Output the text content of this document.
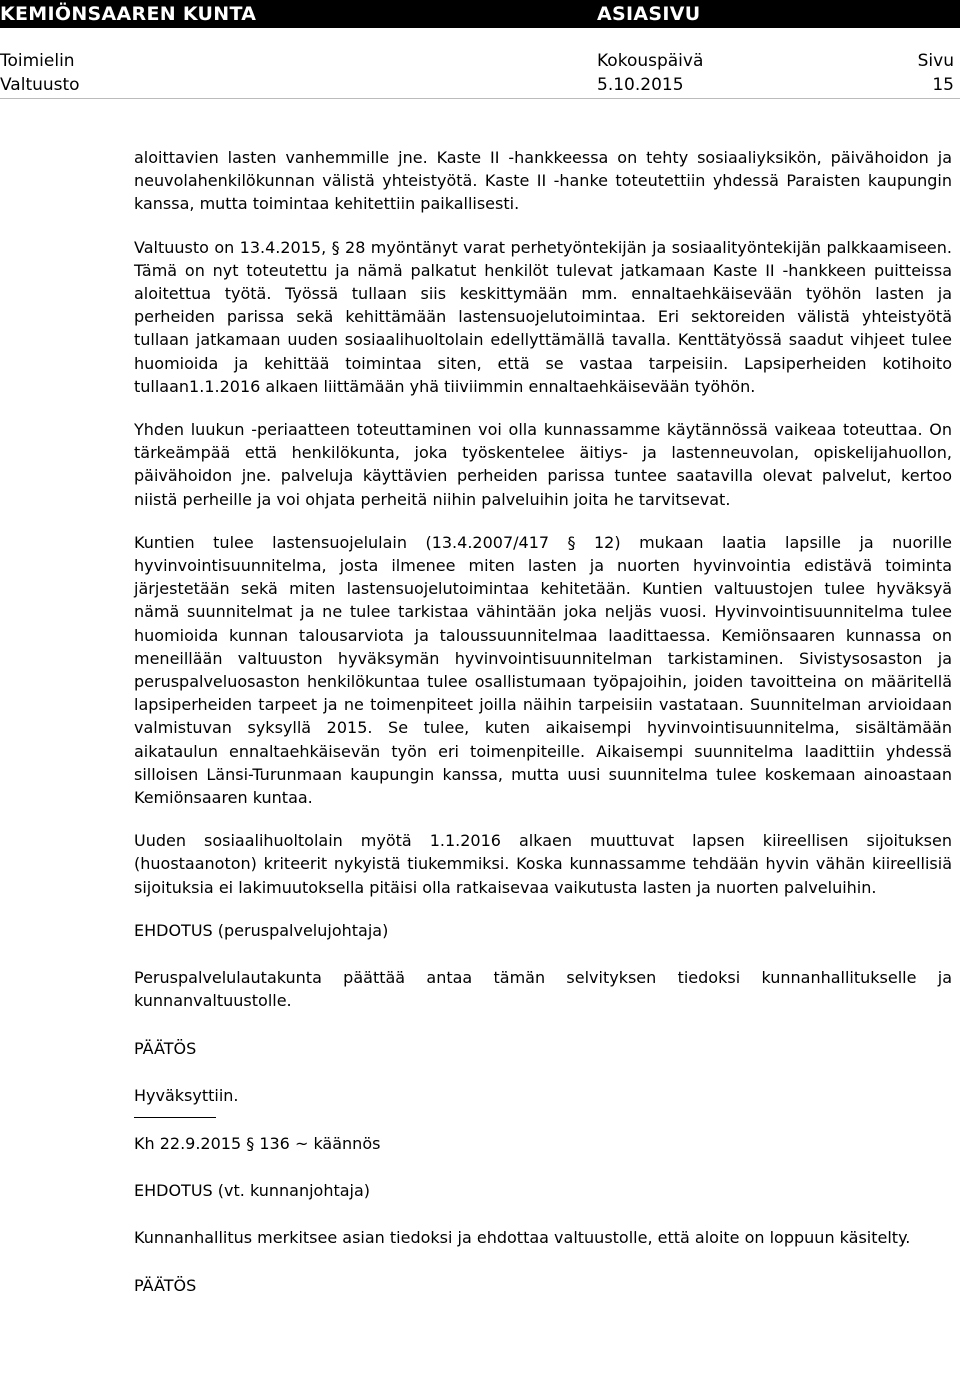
KEMIÖNSAAREN KUNTA	ASIASIVU
Toimielin	Kokouspäivä	Sivu
Valtuusto	5.10.2015	15

aloittavien lasten vanhemmille jne. Kaste II -hankkeessa on tehty sosiaaliyksikön, päivähoidon ja neuvolahenkilökunnan välistä yhteistyötä. Kaste II -hanke toteutettiin yhdessä Paraisten kaupungin kanssa, mutta toimintaa kehitettiin paikallisesti.

Valtuusto on 13.4.2015, § 28 myöntänyt varat perhetyöntekijän ja sosiaalityöntekijän palkkaamiseen. Tämä on nyt toteutettu ja nämä palkatut henkilöt tulevat jatkamaan Kaste II -hankkeen puitteissa aloitettua työtä. Työssä tullaan siis keskittymään mm. ennaltaehkäisevään työhön lasten ja perheiden parissa sekä kehittämään lastensuojelutoimintaa. Eri sektoreiden välistä yhteistyötä tullaan jatkamaan uuden sosiaalihuoltolain edellyttämällä tavalla. Kenttätyössä saadut vihjeet tulee huomioida ja kehittää toimintaa siten, että se vastaa tarpeisiin. Lapsiperheiden kotihoito tullaan1.1.2016 alkaen liittämään yhä tiiviimmin ennaltaehkäisevään työhön.

Yhden luukun -periaatteen toteuttaminen voi olla kunnassamme käytännössä vaikeaa toteuttaa. On tärkeämpää että henkilökunta, joka työskentelee äitiys- ja lastenneuvolan, opiskelijahuollon, päivähoidon jne. palveluja käyttävien perheiden parissa tuntee saatavilla olevat palvelut, kertoo niistä perheille ja voi ohjata perheitä niihin palveluihin joita he tarvitsevat.

Kuntien tulee lastensuojelulain (13.4.2007/417 § 12) mukaan laatia lapsille ja nuorille hyvinvointisuunnitelma, josta ilmenee miten lasten ja nuorten hyvinvointia edistävä toiminta järjestetään sekä miten lastensuojelutoimintaa kehitetään. Kuntien valtuustojen tulee hyväksyä nämä suunnitelmat ja ne tulee tarkistaa vähintään joka neljäs vuosi. Hyvinvointisuunnitelma tulee huomioida kunnan talousarviota ja taloussuunnitelmaa laadittaessa. Kemiönsaaren kunnassa on meneillään valtuuston hyväksymän hyvinvointisuunnitelman tarkistaminen. Sivistysosaston ja peruspalveluosaston henkilökuntaa tulee osallistumaan työpajoihin, joiden tavoitteina on määritellä lapsiperheiden tarpeet ja ne toimenpiteet joilla näihin tarpeisiin vastataan. Suunnitelman arvioidaan valmistuvan syksyllä 2015. Se tulee, kuten aikaisempi hyvinvointisuunnitelma, sisältämään aikataulun ennaltaehkäisevän työn eri toimenpiteille. Aikaisempi suunnitelma laadittiin yhdessä silloisen Länsi-Turunmaan kaupungin kanssa, mutta uusi suunnitelma tulee koskemaan ainoastaan Kemiönsaaren kuntaa.

Uuden sosiaalihuoltolain myötä 1.1.2016 alkaen muuttuvat lapsen kiireellisen sijoituksen (huostaanoton) kriteerit nykyistä tiukemmiksi. Koska kunnassamme tehdään hyvin vähän kiireellisiä sijoituksia ei lakimuutoksella pitäisi olla ratkaisevaa vaikutusta lasten ja nuorten palveluihin.

EHDOTUS (peruspalvelujohtaja)

Peruspalvelulautakunta päättää antaa tämän selvityksen tiedoksi kunnanhallitukselle ja kunnanvaltuustolle.

PÄÄTÖS

Hyväksyttiin.

Kh 22.9.2015 § 136 ~ käännös

EHDOTUS (vt. kunnanjohtaja)

Kunnanhallitus merkitsee asian tiedoksi ja ehdottaa valtuustolle, että aloite on loppuun käsitelty.

PÄÄTÖS
